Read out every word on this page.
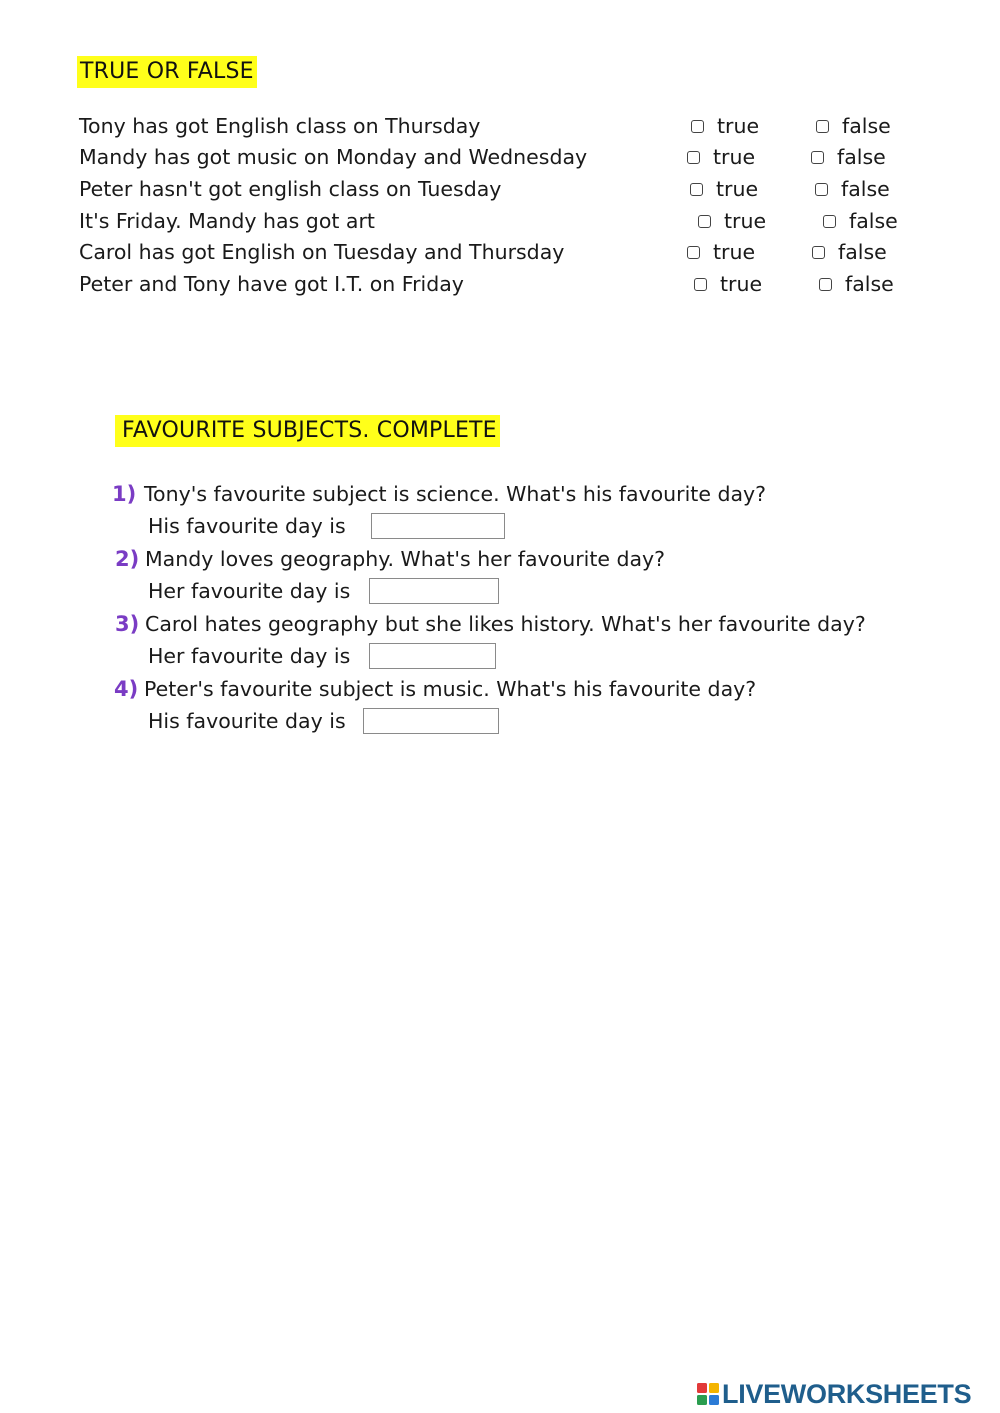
TRUE OR FALSE
Tony has got English class on Thursday	true	false
Mandy has got music on Monday and Wednesday	true	false
Peter hasn't got english class on Tuesday	true	false
It's Friday. Mandy has got art	true	false
Carol has got English on Tuesday and Thursday	true	false
Peter and Tony have got I.T. on Friday	true	false
FAVOURITE SUBJECTS. COMPLETE
1) Tony's favourite subject is science. What's his favourite day?
His favourite day is
2) Mandy loves geography. What's her favourite day?
Her favourite day is
3) Carol hates geography but she likes history. What's her favourite day?
Her favourite day is
4) Peter's favourite subject is music. What's his favourite day?
His favourite day is
LIVEWORKSHEETS
